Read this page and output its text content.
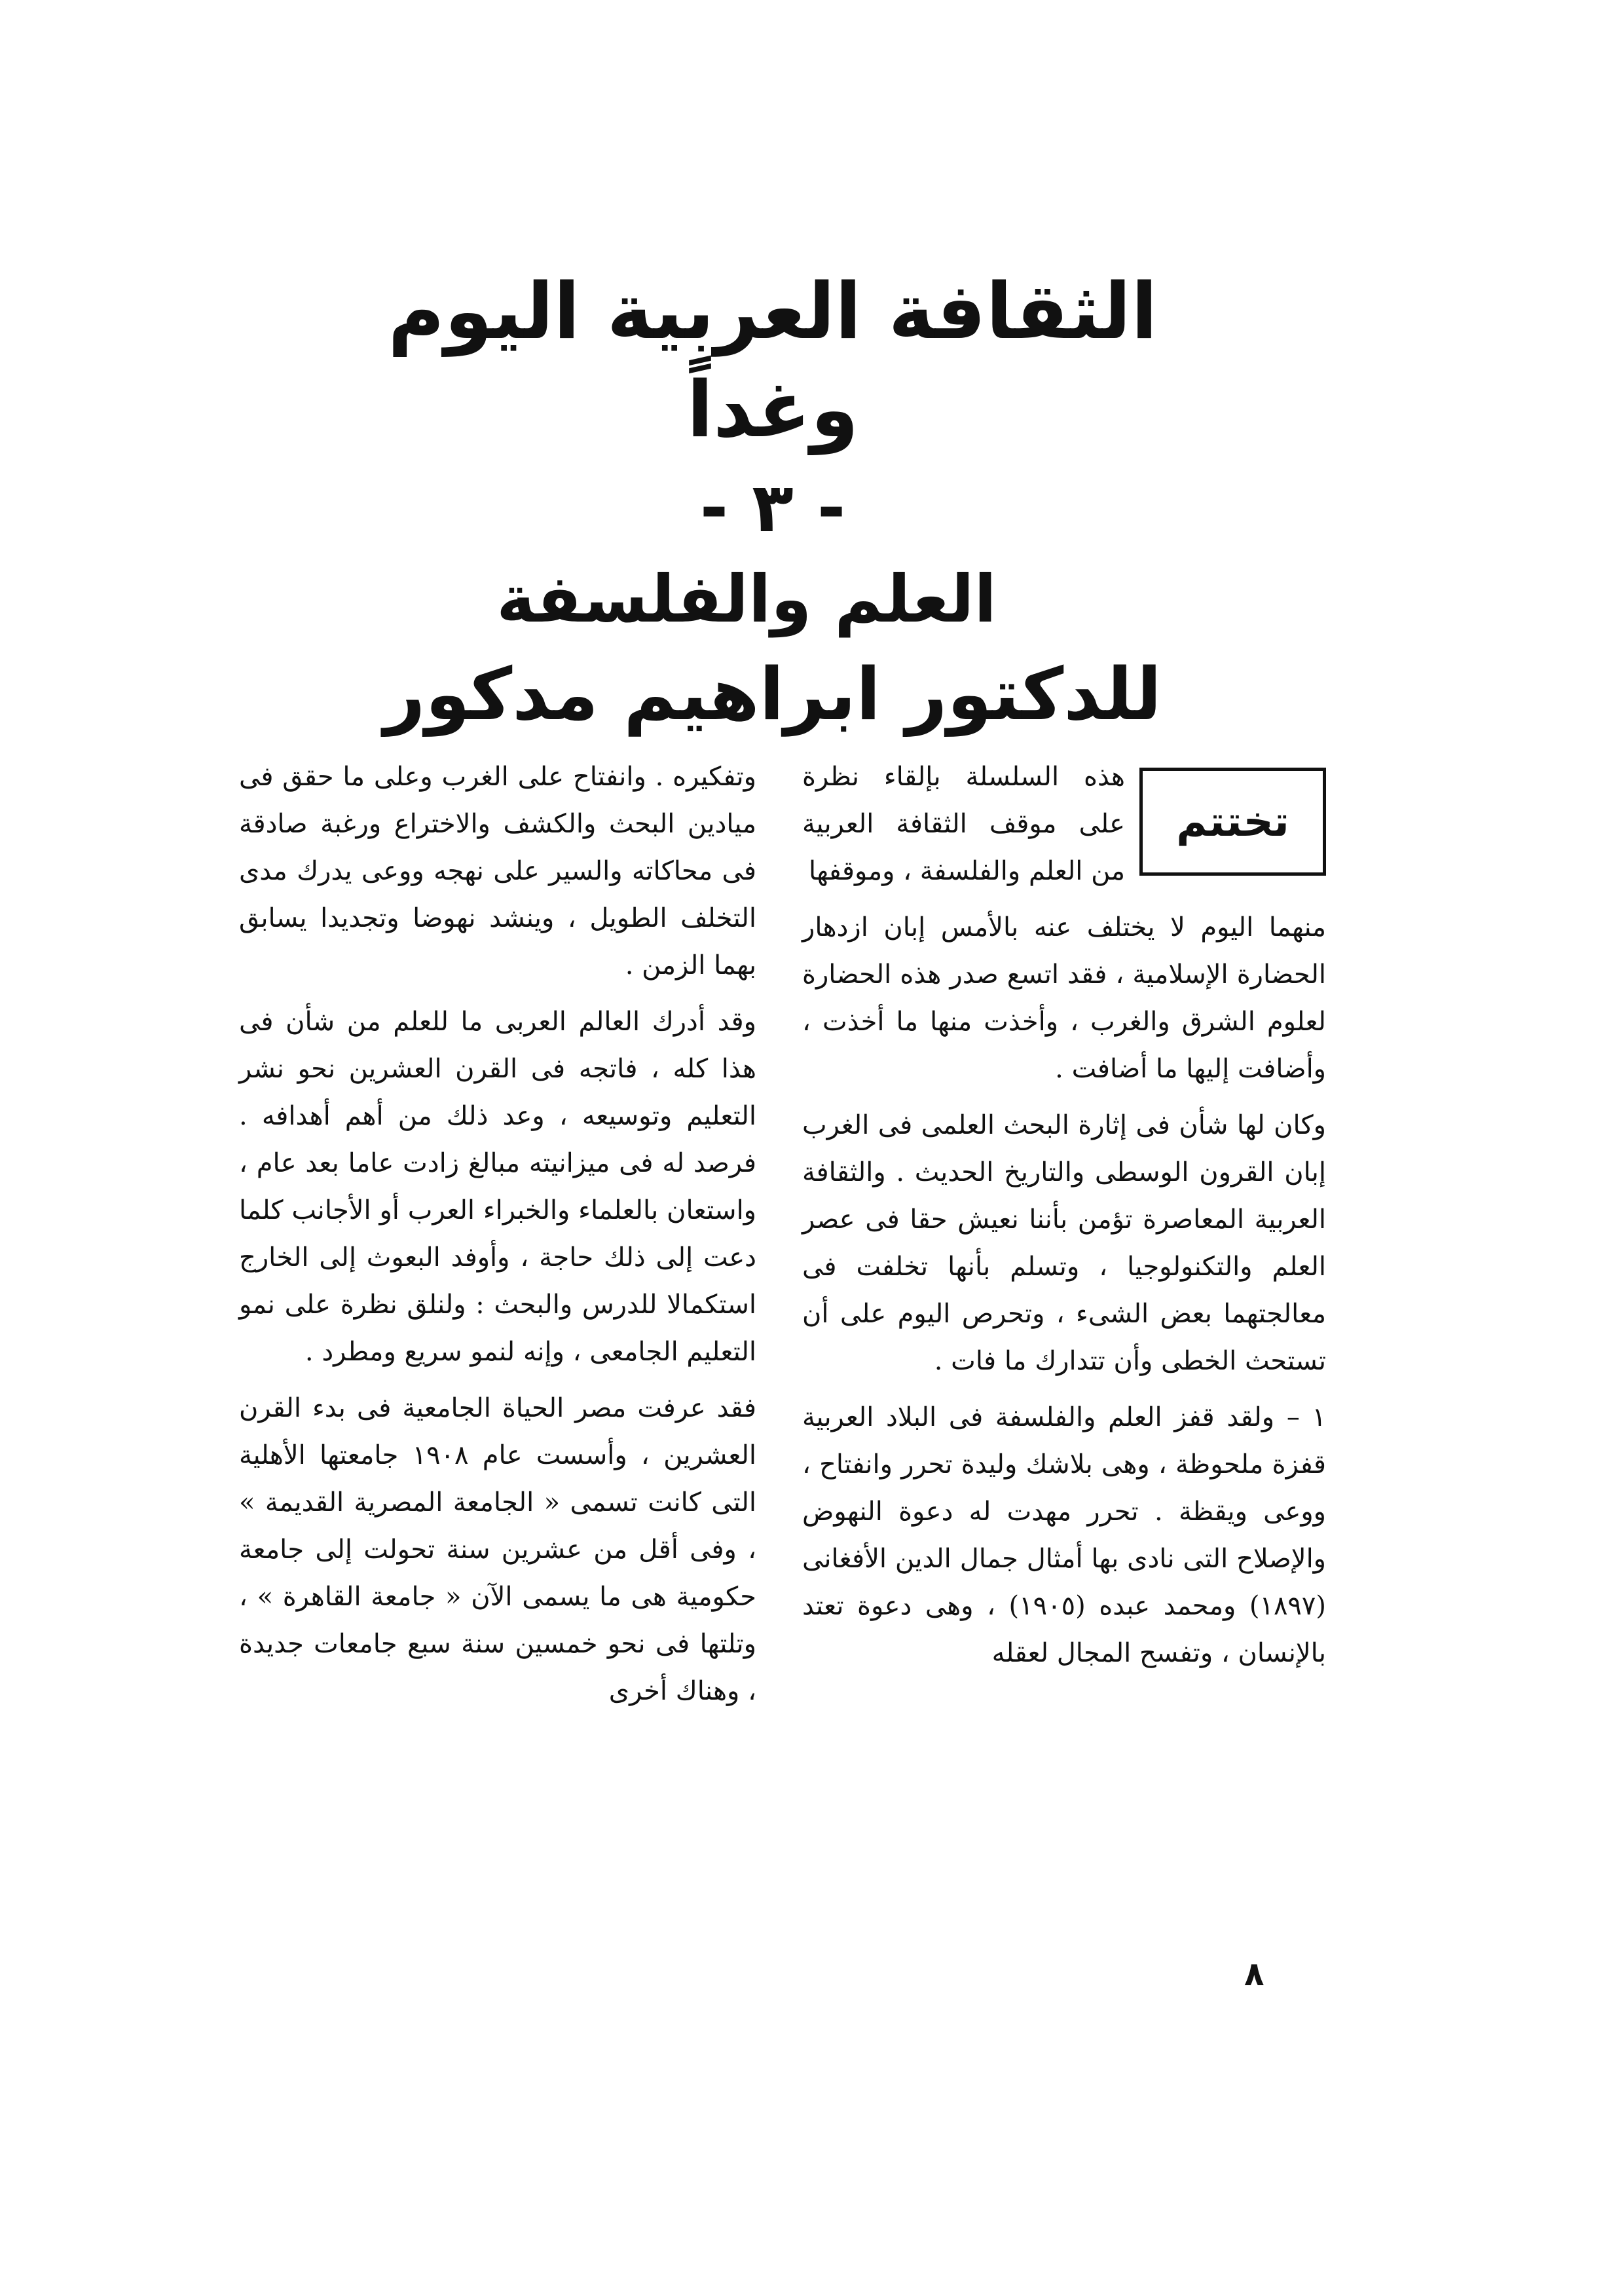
الثقافة العربية اليوم وغداً
- ٣ -
العلم والفلسفة
للدكتور ابراهيم مدكور
تختتم

هذه السلسلة بإلقاء نظرة على موقف الثقافة العربية من العلم والفلسفة ، وموقفها

منهما اليوم لا يختلف عنه بالأمس إبان ازدهار الحضارة الإسلامية ، فقد اتسع صدر هذه الحضارة لعلوم الشرق والغرب ، وأخذت منها ما أخذت ، وأضافت إليها ما أضافت .

وكان لها شأن فى إثارة البحث العلمى فى الغرب إبان القرون الوسطى والتاريخ الحديث . والثقافة العربية المعاصرة تؤمن بأننا نعيش حقا فى عصر العلم والتكنولوجيا ، وتسلم بأنها تخلفت فى معالجتهما بعض الشىء ، وتحرص اليوم على أن تستحث الخطى وأن تتدارك ما فات .

١ – ولقد قفز العلم والفلسفة فى البلاد العربية قفزة ملحوظة ، وهى بلاشك وليدة تحرر وانفتاح ، ووعى ويقظة . تحرر مهدت له دعوة النهوض والإصلاح التى نادى بها أمثال جمال الدين الأفغانى (١٨٩٧) ومحمد عبده (١٩٠٥) ، وهى دعوة تعتد بالإنسان ، وتفسح المجال لعقله

وتفكيره . وانفتاح على الغرب وعلى ما حقق فى ميادين البحث والكشف والاختراع ورغبة صادقة فى محاكاته والسير على نهجه ووعى يدرك مدى التخلف الطويل ، وينشد نهوضا وتجديدا يسابق بهما الزمن .

وقد أدرك العالم العربى ما للعلم من شأن فى هذا كله ، فاتجه فى القرن العشرين نحو نشر التعليم وتوسيعه ، وعد ذلك من أهم أهدافه . فرصد له فى ميزانيته مبالغ زادت عاما بعد عام ، واستعان بالعلماء والخبراء العرب أو الأجانب كلما دعت إلى ذلك حاجة ، وأوفد البعوث إلى الخارج استكمالا للدرس والبحث : ولنلق نظرة على نمو التعليم الجامعى ، وإنه لنمو سريع ومطرد .

فقد عرفت مصر الحياة الجامعية فى بدء القرن العشرين ، وأسست عام ١٩٠٨ جامعتها الأهلية التى كانت تسمى « الجامعة المصرية القديمة » ، وفى أقل من عشرين سنة تحولت إلى جامعة حكومية هى ما يسمى الآن « جامعة القاهرة » ، وتلتها فى نحو خمسين سنة سبع جامعات جديدة ، وهناك أخرى

٨
